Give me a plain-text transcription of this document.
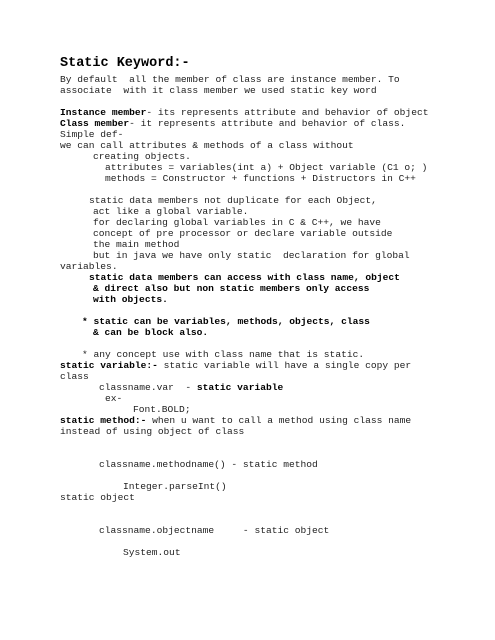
Static Keyword:-
By default  all the member of class are instance member. To
associate  with it class member we used static key word
Instance member- its represents attribute and behavior of object
Class member- it represents attribute and behavior of class.
Simple def-
we can call attributes & methods of a class without
creating objects.
attributes = variables(int a) + Object variable (C1 o; )
methods = Constructor + functions + Distructors in C++
static data members not duplicate for each Object,
act like a global variable.
for declaring global variables in C & C++, we have
concept of pre processor or declare variable outside
the main method
but in java we have only static  declaration for global
variables.
static data members can access with class name, object
& direct also but non static members only access
with objects.
* static can be variables, methods, objects, class
& can be block also.
* any concept use with class name that is static.
static variable:- static variable will have a single copy per
class
classname.var  - static variable
ex-
Font.BOLD;
static method:- when u want to call a method using class name
instead of using object of class
classname.methodname() - static method
Integer.parseInt()
static object
classname.objectname     - static object
System.out
